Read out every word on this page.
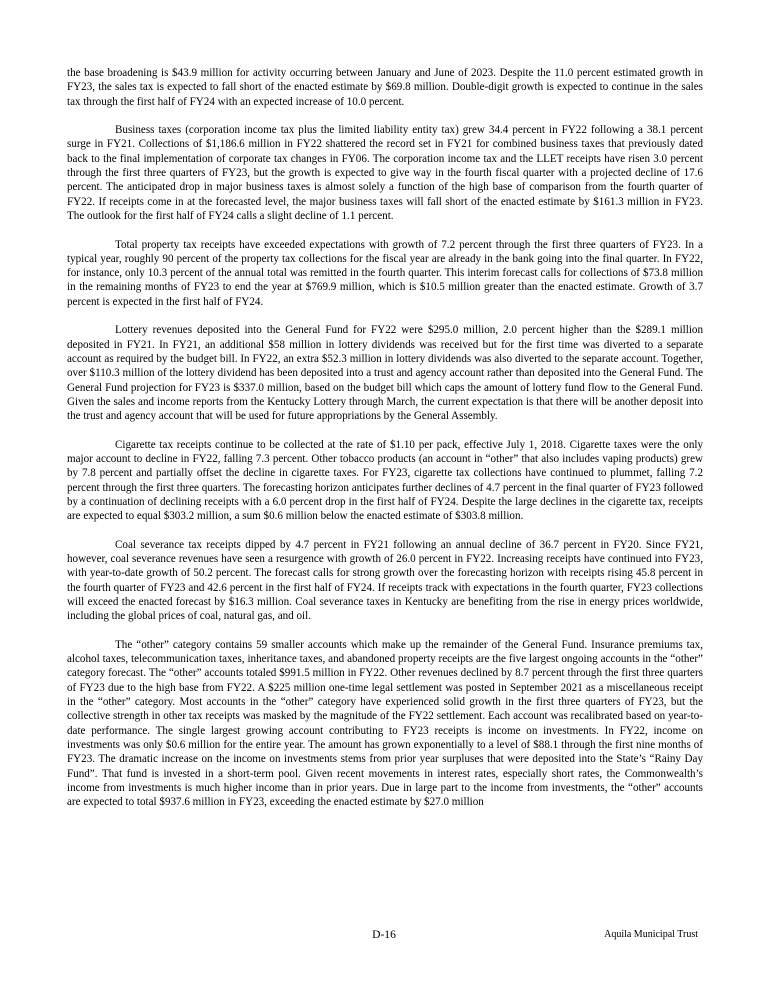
the base broadening is $43.9 million for activity occurring between January and June of 2023. Despite the 11.0 percent estimated growth in FY23, the sales tax is expected to fall short of the enacted estimate by $69.8 million. Double-digit growth is expected to continue in the sales tax through the first half of FY24 with an expected increase of 10.0 percent.

Business taxes (corporation income tax plus the limited liability entity tax) grew 34.4 percent in FY22 following a 38.1 percent surge in FY21. Collections of $1,186.6 million in FY22 shattered the record set in FY21 for combined business taxes that previously dated back to the final implementation of corporate tax changes in FY06. The corporation income tax and the LLET receipts have risen 3.0 percent through the first three quarters of FY23, but the growth is expected to give way in the fourth fiscal quarter with a projected decline of 17.6 percent. The anticipated drop in major business taxes is almost solely a function of the high base of comparison from the fourth quarter of FY22. If receipts come in at the forecasted level, the major business taxes will fall short of the enacted estimate by $161.3 million in FY23. The outlook for the first half of FY24 calls a slight decline of 1.1 percent.

Total property tax receipts have exceeded expectations with growth of 7.2 percent through the first three quarters of FY23. In a typical year, roughly 90 percent of the property tax collections for the fiscal year are already in the bank going into the final quarter. In FY22, for instance, only 10.3 percent of the annual total was remitted in the fourth quarter. This interim forecast calls for collections of $73.8 million in the remaining months of FY23 to end the year at $769.9 million, which is $10.5 million greater than the enacted estimate. Growth of 3.7 percent is expected in the first half of FY24.

Lottery revenues deposited into the General Fund for FY22 were $295.0 million, 2.0 percent higher than the $289.1 million deposited in FY21. In FY21, an additional $58 million in lottery dividends was received but for the first time was diverted to a separate account as required by the budget bill. In FY22, an extra $52.3 million in lottery dividends was also diverted to the separate account. Together, over $110.3 million of the lottery dividend has been deposited into a trust and agency account rather than deposited into the General Fund. The General Fund projection for FY23 is $337.0 million, based on the budget bill which caps the amount of lottery fund flow to the General Fund. Given the sales and income reports from the Kentucky Lottery through March, the current expectation is that there will be another deposit into the trust and agency account that will be used for future appropriations by the General Assembly.

Cigarette tax receipts continue to be collected at the rate of $1.10 per pack, effective July 1, 2018. Cigarette taxes were the only major account to decline in FY22, falling 7.3 percent. Other tobacco products (an account in “other” that also includes vaping products) grew by 7.8 percent and partially offset the decline in cigarette taxes. For FY23, cigarette tax collections have continued to plummet, falling 7.2 percent through the first three quarters. The forecasting horizon anticipates further declines of 4.7 percent in the final quarter of FY23 followed by a continuation of declining receipts with a 6.0 percent drop in the first half of FY24. Despite the large declines in the cigarette tax, receipts are expected to equal $303.2 million, a sum $0.6 million below the enacted estimate of $303.8 million.

Coal severance tax receipts dipped by 4.7 percent in FY21 following an annual decline of 36.7 percent in FY20. Since FY21, however, coal severance revenues have seen a resurgence with growth of 26.0 percent in FY22. Increasing receipts have continued into FY23, with year-to-date growth of 50.2 percent. The forecast calls for strong growth over the forecasting horizon with receipts rising 45.8 percent in the fourth quarter of FY23 and 42.6 percent in the first half of FY24. If receipts track with expectations in the fourth quarter, FY23 collections will exceed the enacted forecast by $16.3 million. Coal severance taxes in Kentucky are benefiting from the rise in energy prices worldwide, including the global prices of coal, natural gas, and oil.

The “other” category contains 59 smaller accounts which make up the remainder of the General Fund. Insurance premiums tax, alcohol taxes, telecommunication taxes, inheritance taxes, and abandoned property receipts are the five largest ongoing accounts in the “other” category forecast. The “other” accounts totaled $991.5 million in FY22. Other revenues declined by 8.7 percent through the first three quarters of FY23 due to the high base from FY22. A $225 million one-time legal settlement was posted in September 2021 as a miscellaneous receipt in the “other” category. Most accounts in the “other” category have experienced solid growth in the first three quarters of FY23, but the collective strength in other tax receipts was masked by the magnitude of the FY22 settlement. Each account was recalibrated based on year-to-date performance. The single largest growing account contributing to FY23 receipts is income on investments. In FY22, income on investments was only $0.6 million for the entire year. The amount has grown exponentially to a level of $88.1 through the first nine months of FY23. The dramatic increase on the income on investments stems from prior year surpluses that were deposited into the State’s “Rainy Day Fund”. That fund is invested in a short-term pool. Given recent movements in interest rates, especially short rates, the Commonwealth’s income from investments is much higher income than in prior years. Due in large part to the income from investments, the “other” accounts are expected to total $937.6 million in FY23, exceeding the enacted estimate by $27.0 million

D-16	Aquila Municipal Trust
